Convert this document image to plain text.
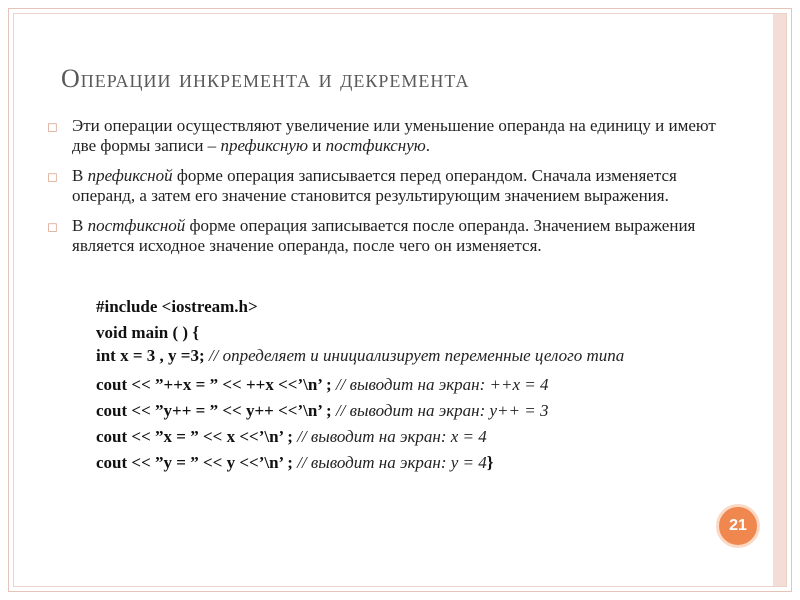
Операции инкремента и декремента
◻ Эти операции осуществляют увеличение или уменьшение операнда на единицу и имеют две формы записи – префиксную и постфиксную.

◻ В префиксной форме операция записывается перед операндом. Сначала изменяется операнд, а затем его значение становится результирующим значением выражения.

◻ В постфиксной форме операция записывается после операнда. Значением выражения является исходное значение операнда, после чего он изменяется.

#include <iostream.h>
void main ( ) {
int x = 3 , y =3; // определяет и инициализирует переменные целого типа
cout << ”++x = ” << ++x <<’\n’ ; // выводит на экран: ++x = 4
cout << ”y++ = ” << y++ <<’\n’ ; // выводит на экран: y++ = 3
cout << ”x = ” << x <<’\n’ ; // выводит на экран: x = 4
cout << ”y = ” << y <<’\n’ ; // выводит на экран: y = 4}
21
